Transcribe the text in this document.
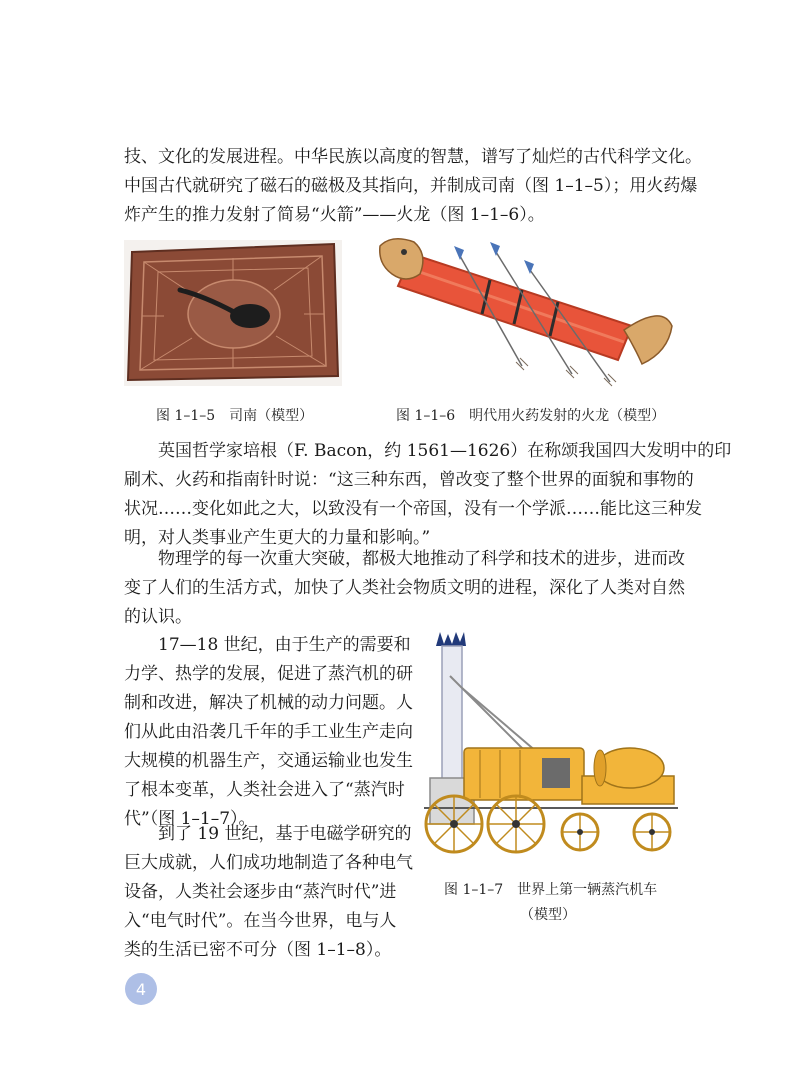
技、文化的发展进程。中华民族以高度的智慧，谱写了灿烂的古代科学文化。
中国古代就研究了磁石的磁极及其指向，并制成司南（图 1–1–5）；用火药爆
炸产生的推力发射了简易“火箭”——火龙（图 1–1–6）。
图 1–1–5　司南（模型）	图 1–1–6　明代用火药发射的火龙（模型）
英国哲学家培根（F. Bacon，约 1561—1626）在称颂我国四大发明中的印
刷术、火药和指南针时说：“这三种东西，曾改变了整个世界的面貌和事物的
状况……变化如此之大，以致没有一个帝国，没有一个学派……能比这三种发
明，对人类事业产生更大的力量和影响。”
物理学的每一次重大突破，都极大地推动了科学和技术的进步，进而改
变了人们的生活方式，加快了人类社会物质文明的进程，深化了人类对自然
的认识。
17—18 世纪，由于生产的需要和
力学、热学的发展，促进了蒸汽机的研
制和改进，解决了机械的动力问题。人
们从此由沿袭几千年的手工业生产走向
大规模的机器生产，交通运输业也发生
了根本变革，人类社会进入了“蒸汽时
代”（图 1–1–7）。
到了 19 世纪，基于电磁学研究的
巨大成就，人们成功地制造了各种电气
设备，人类社会逐步由“蒸汽时代”进
入“电气时代”。在当今世界，电与人
类的生活已密不可分（图 1–1–8）。
图 1–1–7　世界上第一辆蒸汽机车
（模型）
4
